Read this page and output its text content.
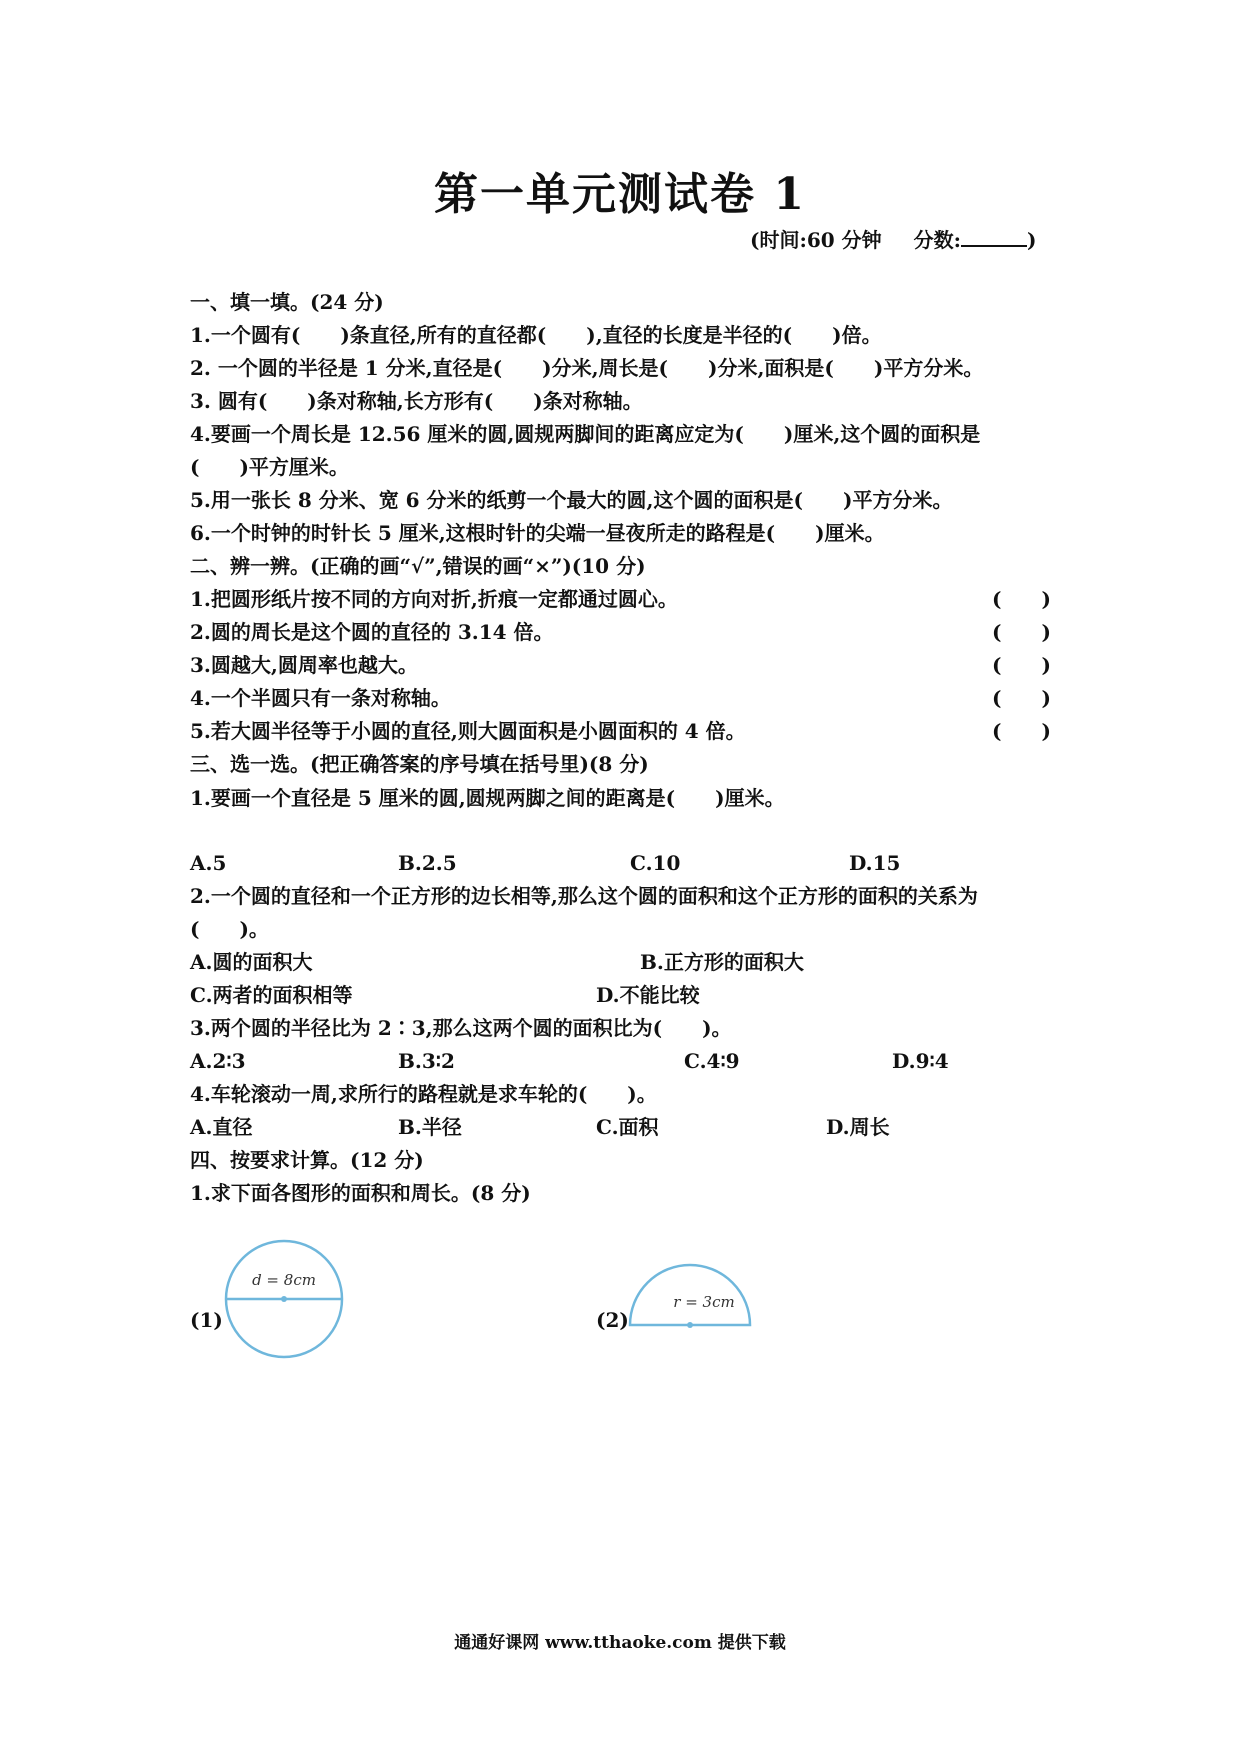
第一单元测试卷 1
(时间:60 分钟 分数:	)
一、填一填。(24 分)
1.一个圆有(　　)条直径,所有的直径都(　　),直径的长度是半径的(　　)倍。
2. 一个圆的半径是 1 分米,直径是(　　)分米,周长是(　　)分米,面积是(　　)平方分米。
3. 圆有(　　)条对称轴,长方形有(　　)条对称轴。
4.要画一个周长是 12.56 厘米的圆,圆规两脚间的距离应定为(　　)厘米,这个圆的面积是
(　　)平方厘米。
5.用一张长 8 分米、宽 6 分米的纸剪一个最大的圆,这个圆的面积是(　　)平方分米。
6.一个时钟的时针长 5 厘米,这根时针的尖端一昼夜所走的路程是(　　)厘米。
二、辨一辨。(正确的画“√”,错误的画“×”)(10 分)
1.把圆形纸片按不同的方向对折,折痕一定都通过圆心。	(　　)
2.圆的周长是这个圆的直径的 3.14 倍。	(　　)
3.圆越大,圆周率也越大。	(　　)
4.一个半圆只有一条对称轴。	(　　)
5.若大圆半径等于小圆的直径,则大圆面积是小圆面积的 4 倍。	(　　)
三、选一选。(把正确答案的序号填在括号里)(8 分)
1.要画一个直径是 5 厘米的圆,圆规两脚之间的距离是(　　)厘米。
A.5	B.2.5	C.10	D.15
2.一个圆的直径和一个正方形的边长相等,那么这个圆的面积和这个正方形的面积的关系为
(　　)。
A.圆的面积大	B.正方形的面积大
C.两者的面积相等	D.不能比较
3.两个圆的半径比为 2∶3,那么这两个圆的面积比为(　　)。
A.2∶3	B.3∶2	C.4∶9	D.9∶4
4.车轮滚动一周,求所行的路程就是求车轮的(　　)。
A.直径	B.半径	C.面积	D.周长
四、按要求计算。(12 分)
1.求下面各图形的面积和周长。(8 分)
(1)
d = 8cm
(2)
r = 3cm
通通好课网 www.tthaoke.com 提供下载
